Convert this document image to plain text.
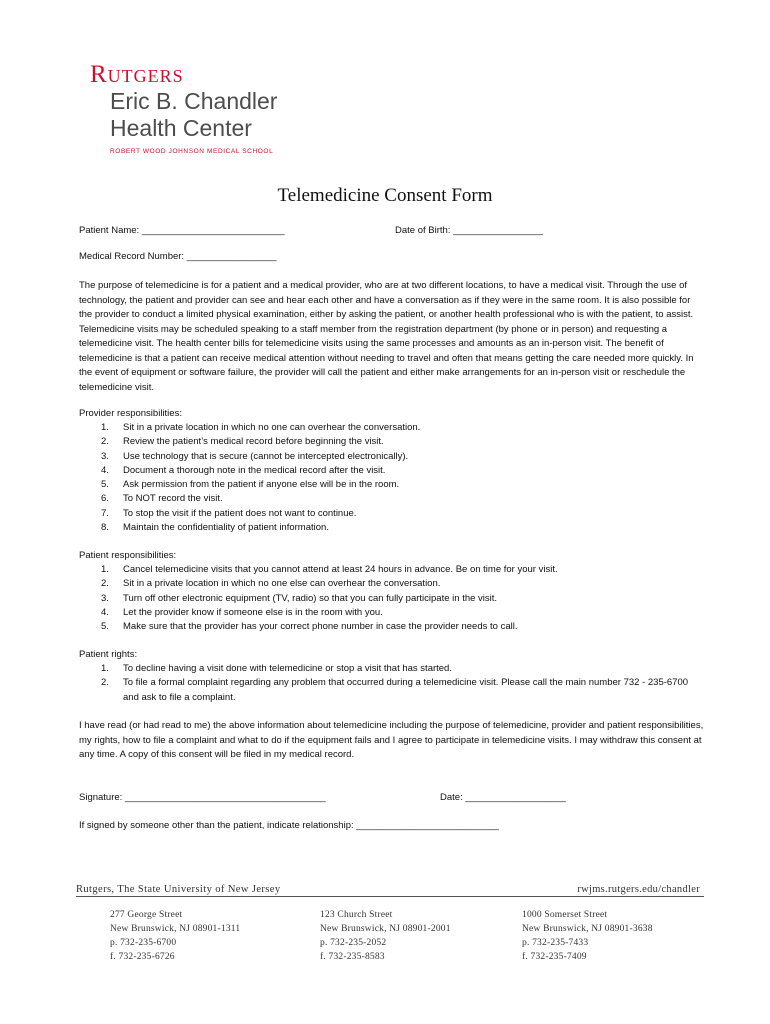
Rutgers
Eric B. Chandler
Health Center
ROBERT WOOD JOHNSON MEDICAL SCHOOL
Telemedicine Consent Form
Patient Name: ___________________________	Date of Birth: _________________
Medical Record Number: _________________

The purpose of telemedicine is for a patient and a medical provider, who are at two different locations, to have a medical visit. Through the use of technology, the patient and provider can see and hear each other and have a conversation as if they were in the same room. It is also possible for the provider to conduct a limited physical examination, either by asking the patient, or another health professional who is with the patient, to assist. Telemedicine visits may be scheduled speaking to a staff member from the registration department (by phone or in person) and requesting a telemedicine visit. The health center bills for telemedicine visits using the same processes and amounts as an in-person visit. The benefit of telemedicine is that a patient can receive medical attention without needing to travel and often that means getting the care needed more quickly. In the event of equipment or software failure, the provider will call the patient and either make arrangements for an in-person visit or reschedule the telemedicine visit.

Provider responsibilities:
1. Sit in a private location in which no one can overhear the conversation.
2. Review the patient’s medical record before beginning the visit.
3. Use technology that is secure (cannot be intercepted electronically).
4. Document a thorough note in the medical record after the visit.
5. Ask permission from the patient if anyone else will be in the room.
6. To NOT record the visit.
7. To stop the visit if the patient does not want to continue.
8. Maintain the confidentiality of patient information.
Patient responsibilities:
1. Cancel telemedicine visits that you cannot attend at least 24 hours in advance. Be on time for your visit.
2. Sit in a private location in which no one else can overhear the conversation.
3. Turn off other electronic equipment (TV, radio) so that you can fully participate in the visit.
4. Let the provider know if someone else is in the room with you.
5. Make sure that the provider has your correct phone number in case the provider needs to call.
Patient rights:
1. To decline having a visit done with telemedicine or stop a visit that has started.
2. To file a formal complaint regarding any problem that occurred during a telemedicine visit. Please call the main number 732 - 235-6700 and ask to file a complaint.

I have read (or had read to me) the above information about telemedicine including the purpose of telemedicine, provider and patient responsibilities, my rights, how to file a complaint and what to do if the equipment fails and I agree to participate in telemedicine visits. I may withdraw this consent at any time. A copy of this consent will be filed in my medical record.

Signature: ______________________________________	Date: ___________________
If signed by someone other than the patient, indicate relationship: ___________________________
Rutgers, The State University of New Jersey	rwjms.rutgers.edu/chandler
277 George Street
New Brunswick, NJ 08901-1311
p. 732-235-6700
f. 732-235-6726
123 Church Street
New Brunswick, NJ 08901-2001
p. 732-235-2052
f. 732-235-8583
1000 Somerset Street
New Brunswick, NJ 08901-3638
p. 732-235-7433
f. 732-235-7409
